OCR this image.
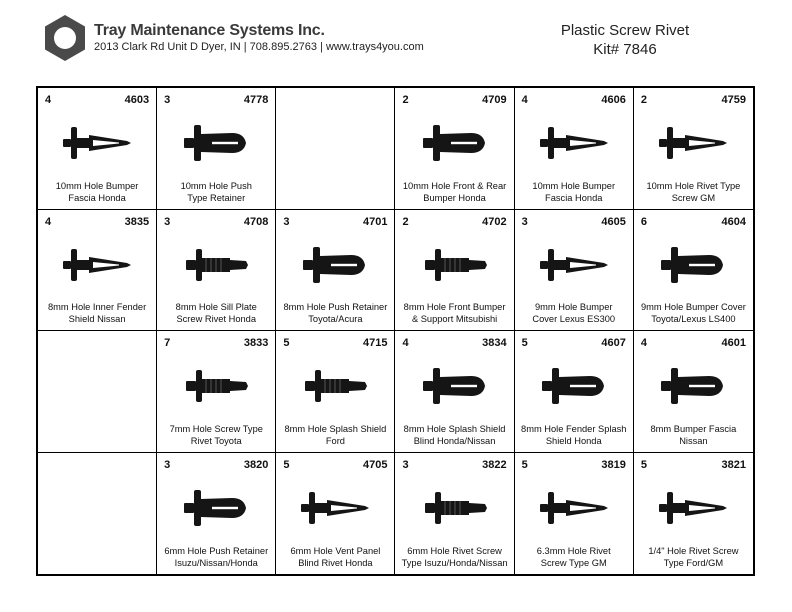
Tray Maintenance Systems Inc.
2013 Clark Rd Unit D Dyer, IN | 708.895.2763 | www.trays4you.com
Plastic Screw Rivet
Kit# 7846
4	4603
10mm Hole Bumper
Fascia Honda
3	4778
10mm Hole Push
Type Retainer
2	4709
10mm Hole Front & Rear
Bumper Honda
4	4606
10mm Hole Bumper
Fascia Honda
2	4759
10mm Hole Rivet Type
Screw GM
4	3835
8mm Hole Inner Fender
Shield Nissan
3	4708
8mm Hole Sill Plate
Screw Rivet Honda
3	4701
8mm Hole Push Retainer
Toyota/Acura
2	4702
8mm Hole Front Bumper
& Support Mitsubishi
3	4605
9mm Hole Bumper
Cover Lexus ES300
6	4604
9mm Hole Bumper Cover
Toyota/Lexus LS400
7	3833
7mm Hole Screw Type
Rivet Toyota
5	4715
8mm Hole Splash Shield
Ford
4	3834
8mm Hole Splash Shield
Blind Honda/Nissan
5	4607
8mm Hole Fender Splash
Shield Honda
4	4601
8mm Bumper Fascia
Nissan
3	3820
6mm Hole Push Retainer
Isuzu/Nissan/Honda
5	4705
6mm Hole Vent Panel
Blind Rivet Honda
3	3822
6mm Hole Rivet Screw
Type Isuzu/Honda/Nissan
5	3819
6.3mm Hole Rivet
Screw Type GM
5	3821
1/4" Hole Rivet Screw
Type Ford/GM
